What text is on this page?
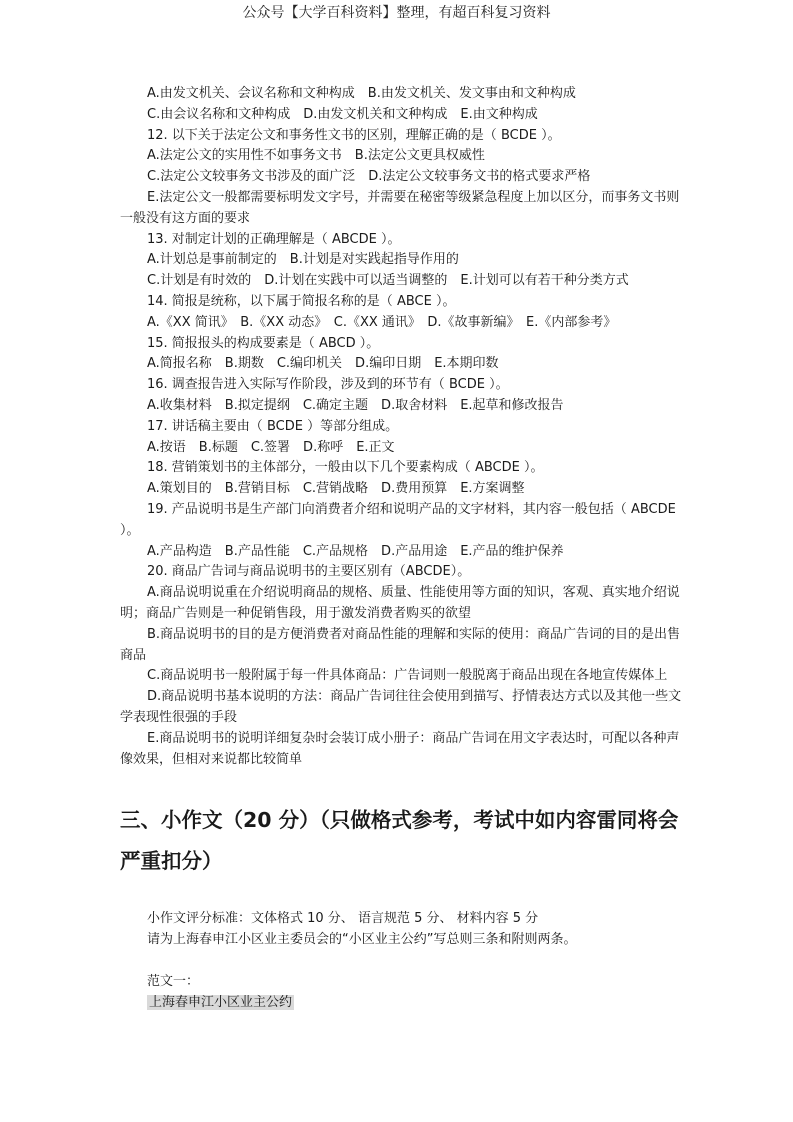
公众号【大学百科资料】整理，有超百科复习资料

A.由发文机关、会议名称和文种构成　B.由发文机关、发文事由和文种构成

C.由会议名称和文种构成　D.由发文机关和文种构成　E.由文种构成

12. 以下关于法定公文和事务性文书的区别，理解正确的是（ BCDE ）。

A.法定公文的实用性不如事务文书　B.法定公文更具权威性

C.法定公文较事务文书涉及的面广泛　D.法定公文较事务文书的格式要求严格

E.法定公文一般都需要标明发文字号，并需要在秘密等级紧急程度上加以区分，而事务文书则一般没有这方面的要求

13. 对制定计划的正确理解是（ ABCDE ）。

A.计划总是事前制定的　B.计划是对实践起指导作用的

C.计划是有时效的　D.计划在实践中可以适当调整的　E.计划可以有若干种分类方式

14. 简报是统称，以下属于简报名称的是（ ABCE ）。

A.《XX 简讯》　B.《XX 动态》　C.《XX 通讯》　D.《故事新编》　E.《内部参考》

15. 简报报头的构成要素是（ ABCD ）。

A.简报名称　B.期数　C.编印机关　D.编印日期　E.本期印数

16. 调查报告进入实际写作阶段，涉及到的环节有（ BCDE ）。

A.收集材料　B.拟定提纲　C.确定主题　D.取舍材料　E.起草和修改报告

17. 讲话稿主要由（ BCDE ）等部分组成。

A.按语　B.标题　C.签署　D.称呼　E.正文

18. 营销策划书的主体部分，一般由以下几个要素构成（ ABCDE ）。

A.策划目的　B.营销目标　C.营销战略　D.费用预算　E.方案调整

19. 产品说明书是生产部门向消费者介绍和说明产品的文字材料，其内容一般包括（ ABCDE ）。

A.产品构造　B.产品性能　C.产品规格　D.产品用途　E.产品的维护保养

20. 商品广告词与商品说明书的主要区别有（ABCDE）。

A.商品说明说重在介绍说明商品的规格、质量、性能使用等方面的知识，客观、真实地介绍说明；商品广告则是一种促销售段，用于激发消费者购买的欲望

B.商品说明书的目的是方便消费者对商品性能的理解和实际的使用：商品广告词的目的是出售商品

C.商品说明书一般附属于每一件具体商品：广告词则一般脱离于商品出现在各地宣传媒体上

D.商品说明书基本说明的方法：商品广告词往往会使用到描写、抒情表达方式以及其他一些文学表现性很强的手段

E.商品说明书的说明详细复杂时会装订成小册子：商品广告词在用文字表达时，可配以各种声像效果，但相对来说都比较简单

三、小作文（20 分）（只做格式参考，考试中如内容雷同将会严重扣分）

小作文评分标准：文体格式 10 分、 语言规范 5 分、 材料内容 5 分

请为上海春申江小区业主委员会的“小区业主公约”写总则三条和附则两条。

范文一：

上海春申江小区业主公约
